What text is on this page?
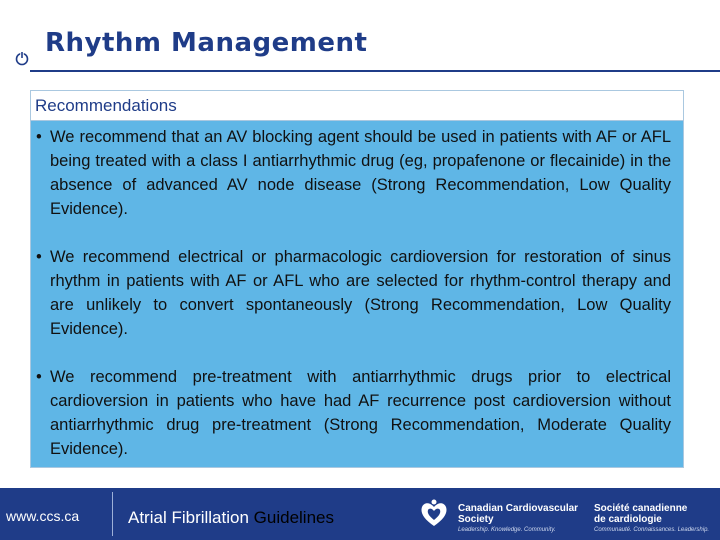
Rhythm Management
Recommendations
• We recommend that an AV blocking agent should be used in patients with AF or AFL being treated with a class I antiarrhythmic drug (eg, propafenone or flecainide) in the absence of advanced AV node disease (Strong Recommendation, Low Quality Evidence).
• We recommend electrical or pharmacologic cardioversion for restoration of sinus rhythm in patients with AF or AFL who are selected for rhythm-control therapy and are unlikely to convert spontaneously (Strong Recommendation, Low Quality Evidence).
• We recommend pre-treatment with antiarrhythmic drugs prior to electrical cardioversion in patients who have had AF recurrence post cardioversion without antiarrhythmic drug pre-treatment (Strong Recommendation, Moderate Quality Evidence).
www.ccs.ca	Atrial Fibrillation Guidelines	Canadian Cardiovascular
Society
Leadership. Knowledge. Community.
Société canadienne
de cardiologie
Communauté. Connaissances. Leadership.
